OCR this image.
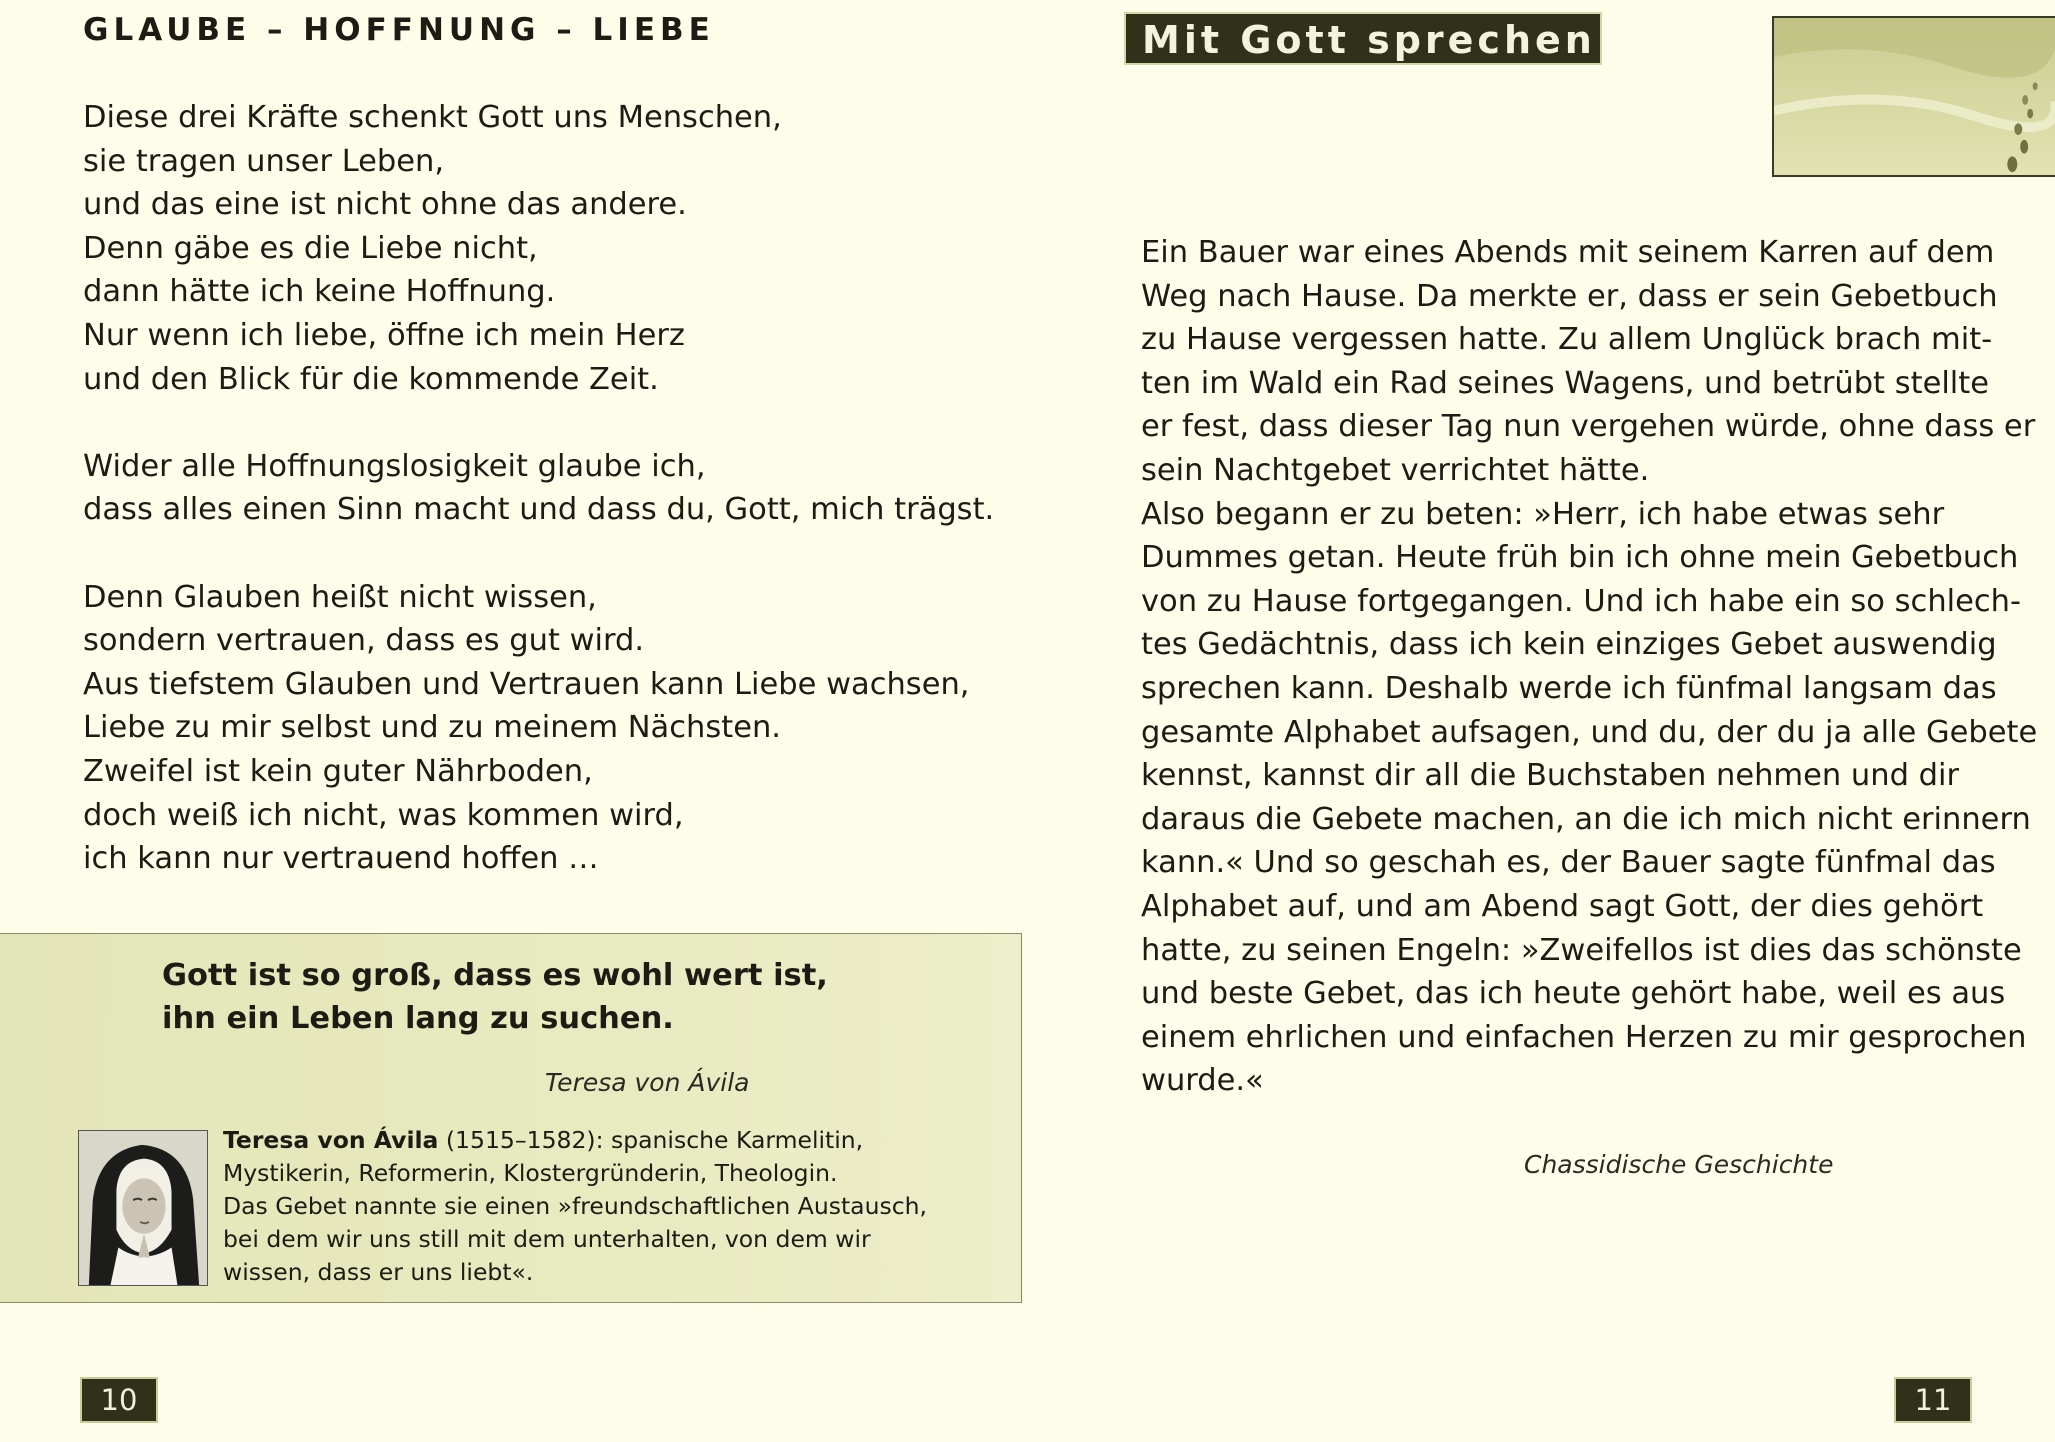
GLAUBE – HOFFNUNG – LIEBE
Diese drei Kräfte schenkt Gott uns Menschen,
sie tragen unser Leben,
und das eine ist nicht ohne das andere.
Denn gäbe es die Liebe nicht,
dann hätte ich keine Hoffnung.
Nur wenn ich liebe, öffne ich mein Herz
und den Blick für die kommende Zeit.
Wider alle Hoffnungslosigkeit glaube ich,
dass alles einen Sinn macht und dass du, Gott, mich trägst.
Denn Glauben heißt nicht wissen,
sondern vertrauen, dass es gut wird.
Aus tiefstem Glauben und Vertrauen kann Liebe wachsen,
Liebe zu mir selbst und zu meinem Nächsten.
Zweifel ist kein guter Nährboden,
doch weiß ich nicht, was kommen wird,
ich kann nur vertrauend hoffen …
Gott ist so groß, dass es wohl wert ist,
ihn ein Leben lang zu suchen.
Teresa von Ávila
Teresa von Ávila (1515–1582): spanische Karmelitin,
Mystikerin, Reformerin, Klostergründerin, Theologin.
Das Gebet nannte sie einen »freundschaftlichen Austausch,
bei dem wir uns still mit dem unterhalten, von dem wir
wissen, dass er uns liebt«.
10
Mit Gott sprechen
Ein Bauer war eines Abends mit seinem Karren auf dem
Weg nach Hause. Da merkte er, dass er sein Gebetbuch
zu Hause vergessen hatte. Zu allem Unglück brach mit-
ten im Wald ein Rad seines Wagens, und betrübt stellte
er fest, dass dieser Tag nun vergehen würde, ohne dass er
sein Nachtgebet verrichtet hätte.
Also begann er zu beten: »Herr, ich habe etwas sehr
Dummes getan. Heute früh bin ich ohne mein Gebetbuch
von zu Hause fortgegangen. Und ich habe ein so schlech-
tes Gedächtnis, dass ich kein einziges Gebet auswendig
sprechen kann. Deshalb werde ich fünfmal langsam das
gesamte Alphabet aufsagen, und du, der du ja alle Gebete
kennst, kannst dir all die Buchstaben nehmen und dir
daraus die Gebete machen, an die ich mich nicht erinnern
kann.« Und so geschah es, der Bauer sagte fünfmal das
Alphabet auf, und am Abend sagt Gott, der dies gehört
hatte, zu seinen Engeln: »Zweifellos ist dies das schönste
und beste Gebet, das ich heute gehört habe, weil es aus
einem ehrlichen und einfachen Herzen zu mir gesprochen
wurde.«
Chassidische Geschichte
11
